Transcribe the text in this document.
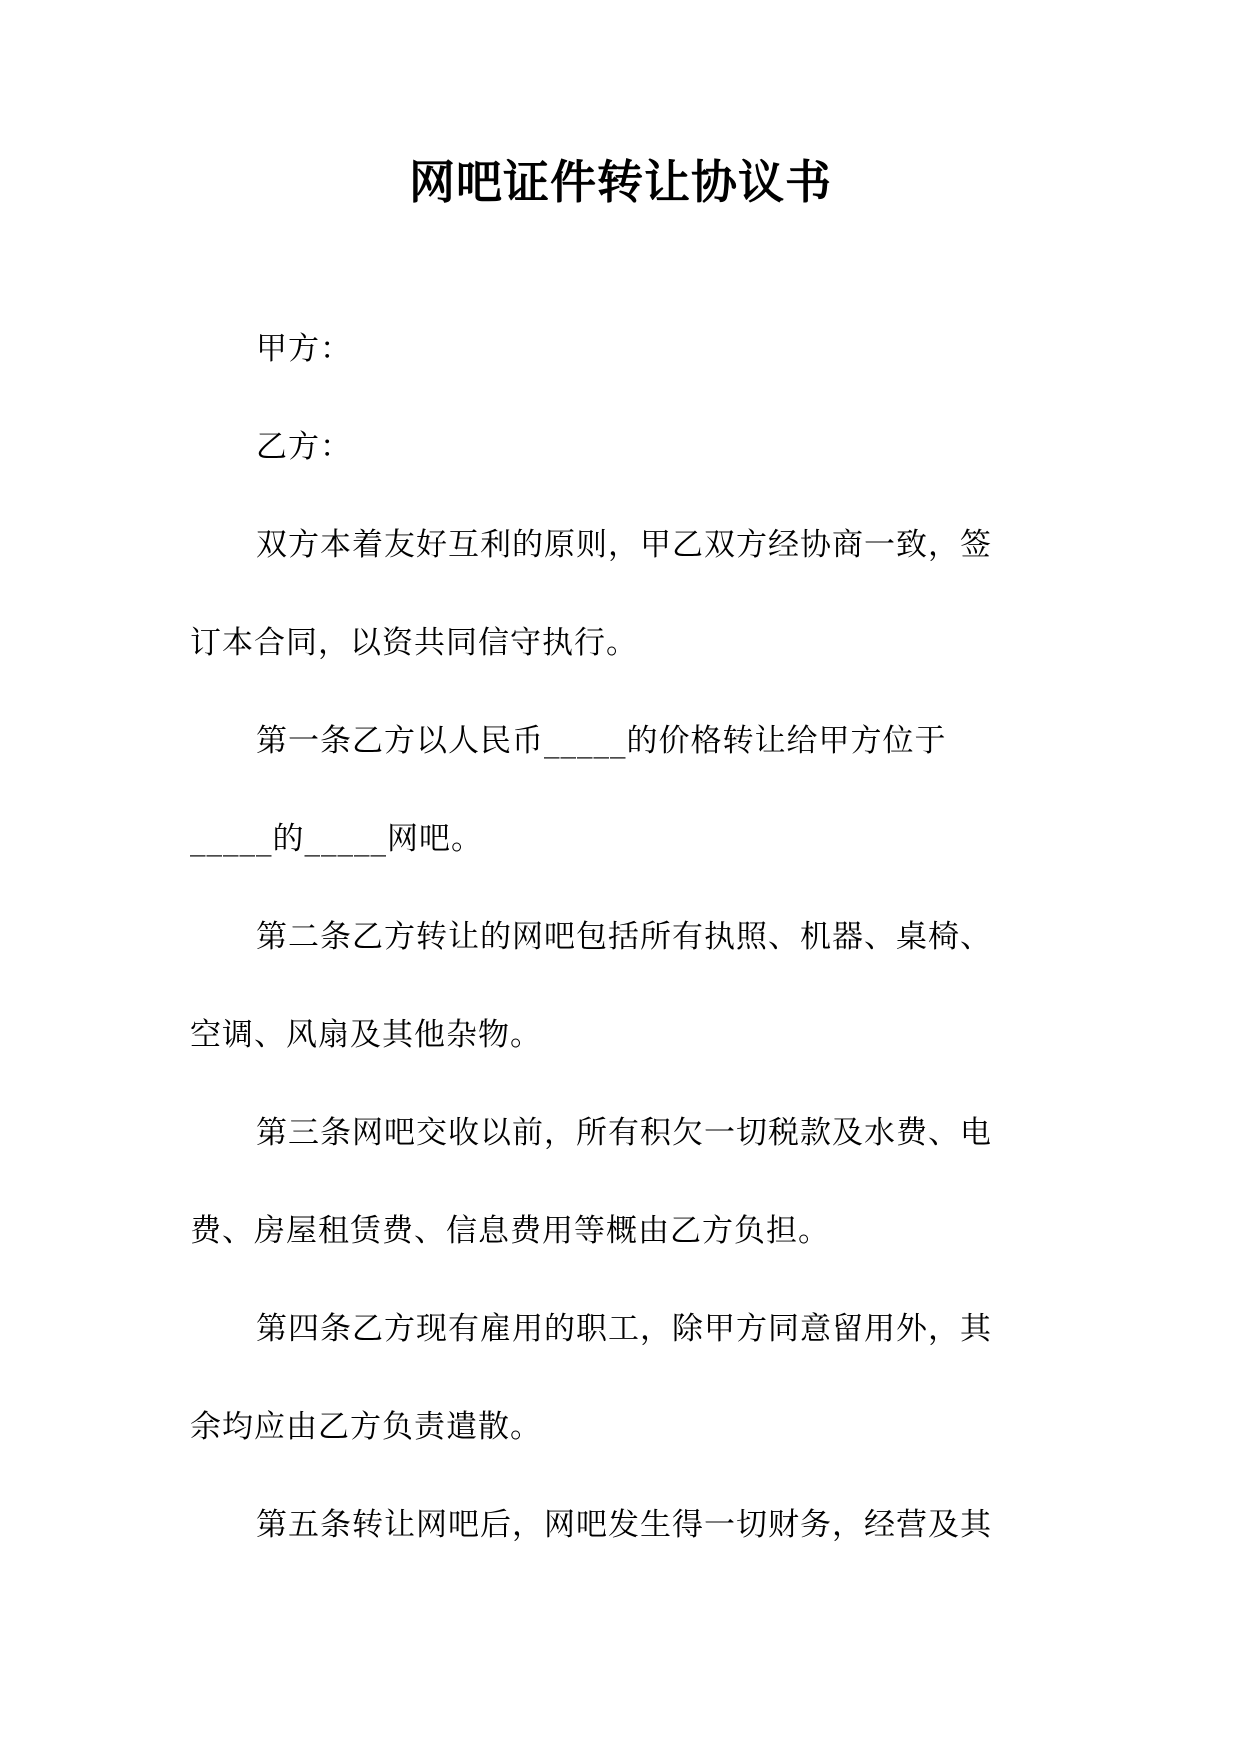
网吧证件转让协议书

甲方：

乙方：

双方本着友好互利的原则，甲乙双方经协商一致，签
订本合同，以资共同信守执行。

第一条乙方以人民币_____的价格转让给甲方位于
_____的_____网吧。

第二条乙方转让的网吧包括所有执照、机器、桌椅、
空调、风扇及其他杂物。

第三条网吧交收以前，所有积欠一切税款及水费、电
费、房屋租赁费、信息费用等概由乙方负担。

第四条乙方现有雇用的职工，除甲方同意留用外，其
余均应由乙方负责遣散。

第五条转让网吧后，网吧发生得一切财务，经营及其
